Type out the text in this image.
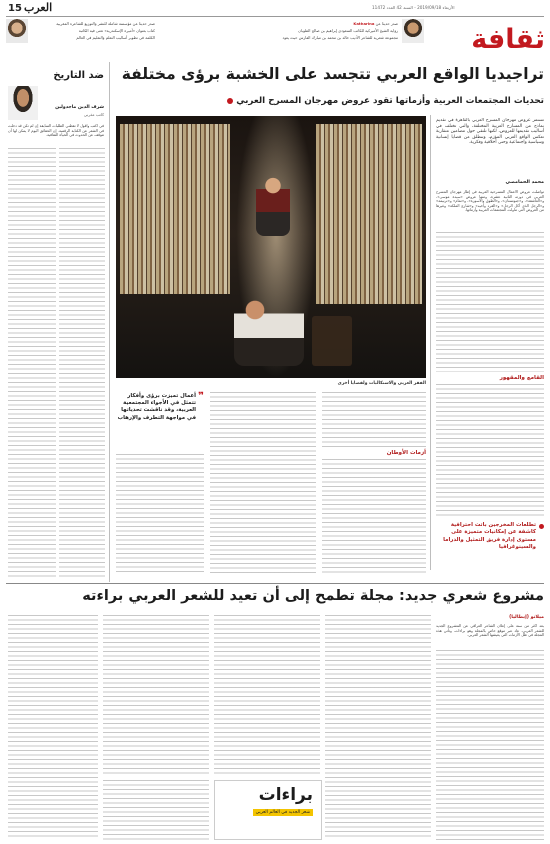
15 العرب	الأربعاء 2019/09/18 - السنة 42 العدد 11472
صدر حديثا عن مؤسسة شاملة للنشر والتوزيع للشاعرة المغربية
كتاب بعنوان «أميرة الإسكندرية» تعنى فيه الكاتبة
الكلمة في تطوير أساليب التعلم والتعليم في العالم
صدر حديثا عن Katharina
رواية الشيخ الأميركية للكاتب السعودي إبراهيم بن صالح الطوبان
مجموعة شعرية للشاعر الأديب خالد بن محمد بن مبارك الفارس حيث يعود	ثقافة
تراجيديا الواقع العربي تتجسد على الخشبة برؤى مختلفة
تحديات المجتمعات العربية وأزماتها تقود عروض مهرجان المسرح العربي
ضد التاريخ
شرف الدين ماجدولين
كاتب مغربي
في أكتب وأقول لا تقطني الطلبات السابقة إن لم تكن قد دخلت في الشعر عن الكتابة الرقمية. إن الحقائق اليوم لا يمكن لها أن تتوقف عن الحدوث في الحياة الثقافية.
تستمر عروض مهرجان المسرح العربي بالقاهرة في تقديم نماذج من المسارح العربية المختلفة، والتي تختلف في أساليب تقديمها للعروض، لكنها تلتقي حول مضامين متقاربة تعكس الواقع العربي المؤزم، وتنطلق من قضايا إنسانية وسياسية واجتماعية وحتى أخلاقية وفكرية.
محمد الحمامصي
تواصلت عروض الأعمال المسرحية العربية في إطار مهرجان المسرح العربي في دورته الثانية عشرة، ومنها عروض «سيدة موسى»، و«العاشقة»، و«جنونستان»، و«الطوق والأسورة»، و«تمام» و«ترنيمة» و«الرجل الذي أكل الرجل» و«القرد وأخيه» و«شارع الملكة» وغيرها من العروض التي تناولت المجتمعات العربية وأزماتها.
القامع والمقهور
الفقر العربي والاستكالبات ولقضايا أخرى
❞
أعمال تميزت برؤى وأفكار تتمثل في الأجواء المجتمعية العربية، وقد ناقشت تحدياتها في مواجهة التطرف والإرهاب
أزمات الأوطان
تطلعات المخرجين باتت احترافية كاشفة عن إمكانيات متميزة على مستوى إدارة فريق التمثيل والدراما والسينوغرافيا
مشروع شعري جديد: مجلة تطمح إلى أن تعيد للشعر العربي براءته
ميلانو (إيطاليا)
بعد أكثر من سنة على إعلان الشاعر العراقي عن المشروع الجديد للشعر العربي، عاد عبر موقع خاص بالمجلة وهو براءات، وتأتي هذه المجلة في ظل الأزمات التي يعيشها الشعر العربي.
براءات
شعر الجديد في العالم العربي
